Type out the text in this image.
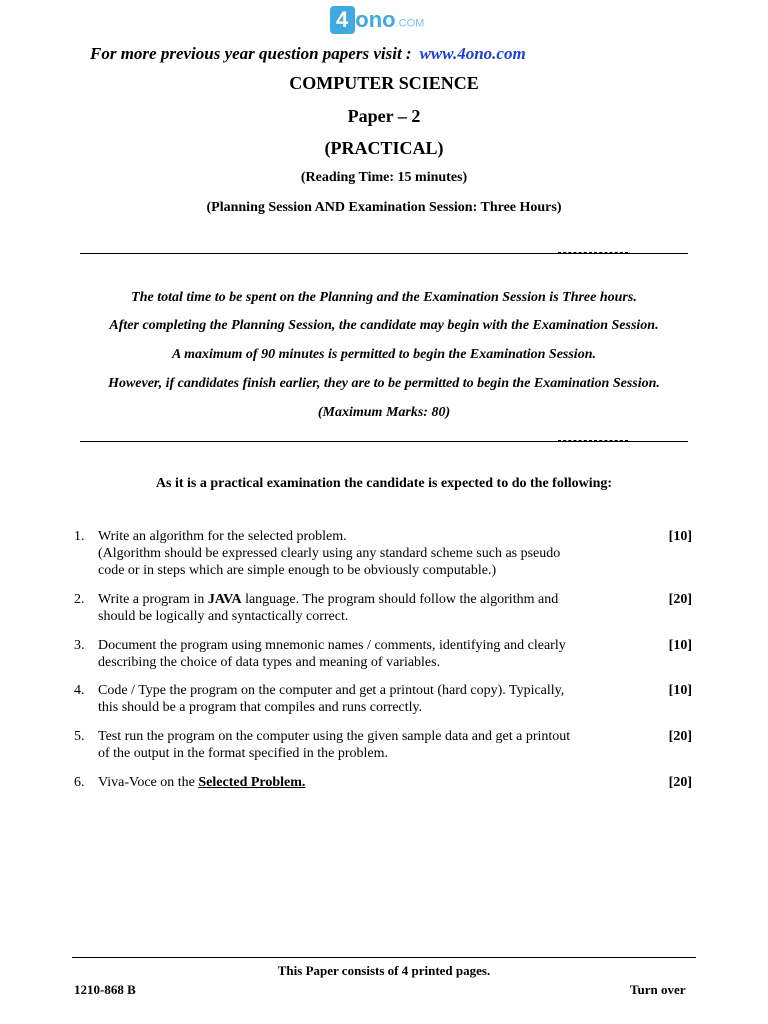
4 ono.COM
For more previous year question papers visit : www.4ono.com
COMPUTER SCIENCE
Paper – 2
(PRACTICAL)
(Reading Time: 15 minutes)
(Planning Session AND Examination Session: Three Hours)
The total time to be spent on the Planning and the Examination Session is Three hours.
After completing the Planning Session, the candidate may begin with the Examination Session.
A maximum of 90 minutes is permitted to begin the Examination Session.
However, if candidates finish earlier, they are to be permitted to begin the Examination Session.
(Maximum Marks: 80)
As it is a practical examination the candidate is expected to do the following:
1. Write an algorithm for the selected problem.
(Algorithm should be expressed clearly using any standard scheme such as pseudo
code or in steps which are simple enough to be obviously computable.)
[10]
2. Write a program in JAVA language. The program should follow the algorithm and
should be logically and syntactically correct.
[20]
3. Document the program using mnemonic names / comments, identifying and clearly
describing the choice of data types and meaning of variables.
[10]
4. Code / Type the program on the computer and get a printout (hard copy). Typically,
this should be a program that compiles and runs correctly.
[10]
5. Test run the program on the computer using the given sample data and get a printout
of the output in the format specified in the problem.
[20]
6. Viva-Voce on the Selected Problem.	[20]
This Paper consists of 4 printed pages.
1210-868 B	Turn over
